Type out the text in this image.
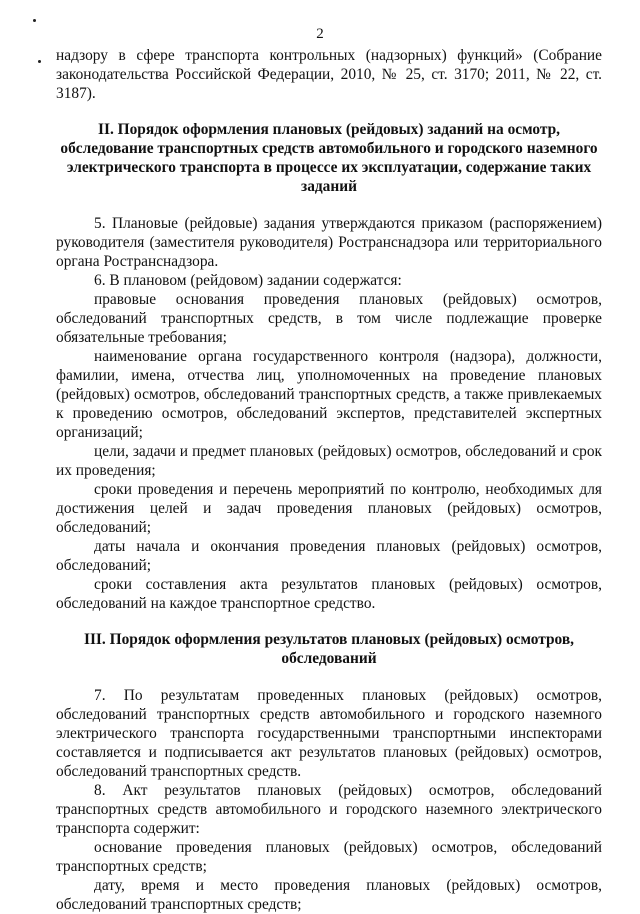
2

надзору в сфере транспорта контрольных (надзорных) функций» (Собрание законодательства Российской Федерации, 2010, № 25, ст. 3170; 2011, № 22, ст. 3187).

II. Порядок оформления плановых (рейдовых) заданий на осмотр, обследование транспортных средств автомобильного и городского наземного электрического транспорта в процессе их эксплуатации, содержание таких заданий

5. Плановые (рейдовые) задания утверждаются приказом (распоряжением) руководителя (заместителя руководителя) Ространснадзора или территориального органа Ространснадзора.

6. В плановом (рейдовом) задании содержатся:

правовые основания проведения плановых (рейдовых) осмотров, обследований транспортных средств, в том числе подлежащие проверке обязательные требования;

наименование органа государственного контроля (надзора), должности, фамилии, имена, отчества лиц, уполномоченных на проведение плановых (рейдовых) осмотров, обследований транспортных средств, а также привлекаемых к проведению осмотров, обследований экспертов, представителей экспертных организаций;

цели, задачи и предмет плановых (рейдовых) осмотров, обследований и срок их проведения;

сроки проведения и перечень мероприятий по контролю, необходимых для достижения целей и задач проведения плановых (рейдовых) осмотров, обследований;

даты начала и окончания проведения плановых (рейдовых) осмотров, обследований;

сроки составления акта результатов плановых (рейдовых) осмотров, обследований на каждое транспортное средство.

III. Порядок оформления результатов плановых (рейдовых) осмотров, обследований

7. По результатам проведенных плановых (рейдовых) осмотров, обследований транспортных средств автомобильного и городского наземного электрического транспорта государственными транспортными инспекторами составляется и подписывается акт результатов плановых (рейдовых) осмотров, обследований транспортных средств.

8. Акт результатов плановых (рейдовых) осмотров, обследований транспортных средств автомобильного и городского наземного электрического транспорта содержит:

основание проведения плановых (рейдовых) осмотров, обследований транспортных средств;

дату, время и место проведения плановых (рейдовых) осмотров, обследований транспортных средств;
